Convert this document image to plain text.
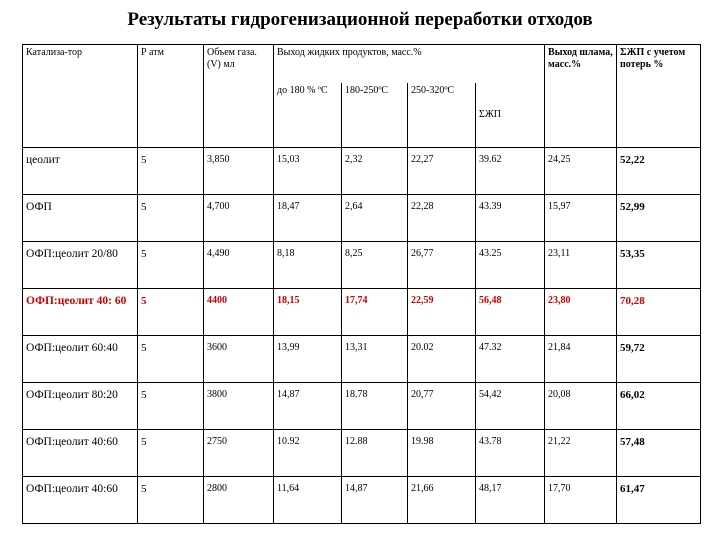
Результаты гидрогенизационной переработки отходов
Катализа-тор	Р атм	Объем газа. (V) мл	Выход жидких продуктов, масс.%				Выход шлама, масс.%	ΣЖП с учетом потерь %
			до 180 % ºС	180-250ºС	250-320ºС	ΣЖП		
цеолит	5	3,850	15,03	2,32	22,27	39.62	24,25	52,22
ОФП	5	4,700	18,47	2,64	22,28	43.39	15,97	52,99
ОФП:цеолит 20/80	5	4,490	8,18	8,25	26,77	43.25	23,11	53,35
ОФП:цеолит 40: 60	5	4400	18,15	17,74	22,59	56,48	23,80	70,28
ОФП:цеолит 60:40	5	3600	13,99	13,31	20.02	47.32	21,84	59,72
ОФП:цеолит 80:20	5	3800	14,87	18.78	20,77	54,42	20,08	66,02
ОФП:цеолит 40:60	5	2750	10.92	12.88	19.98	43.78	21,22	57,48
ОФП:цеолит 40:60	5	2800	11,64	14,87	21,66	48,17	17,70	61,47
